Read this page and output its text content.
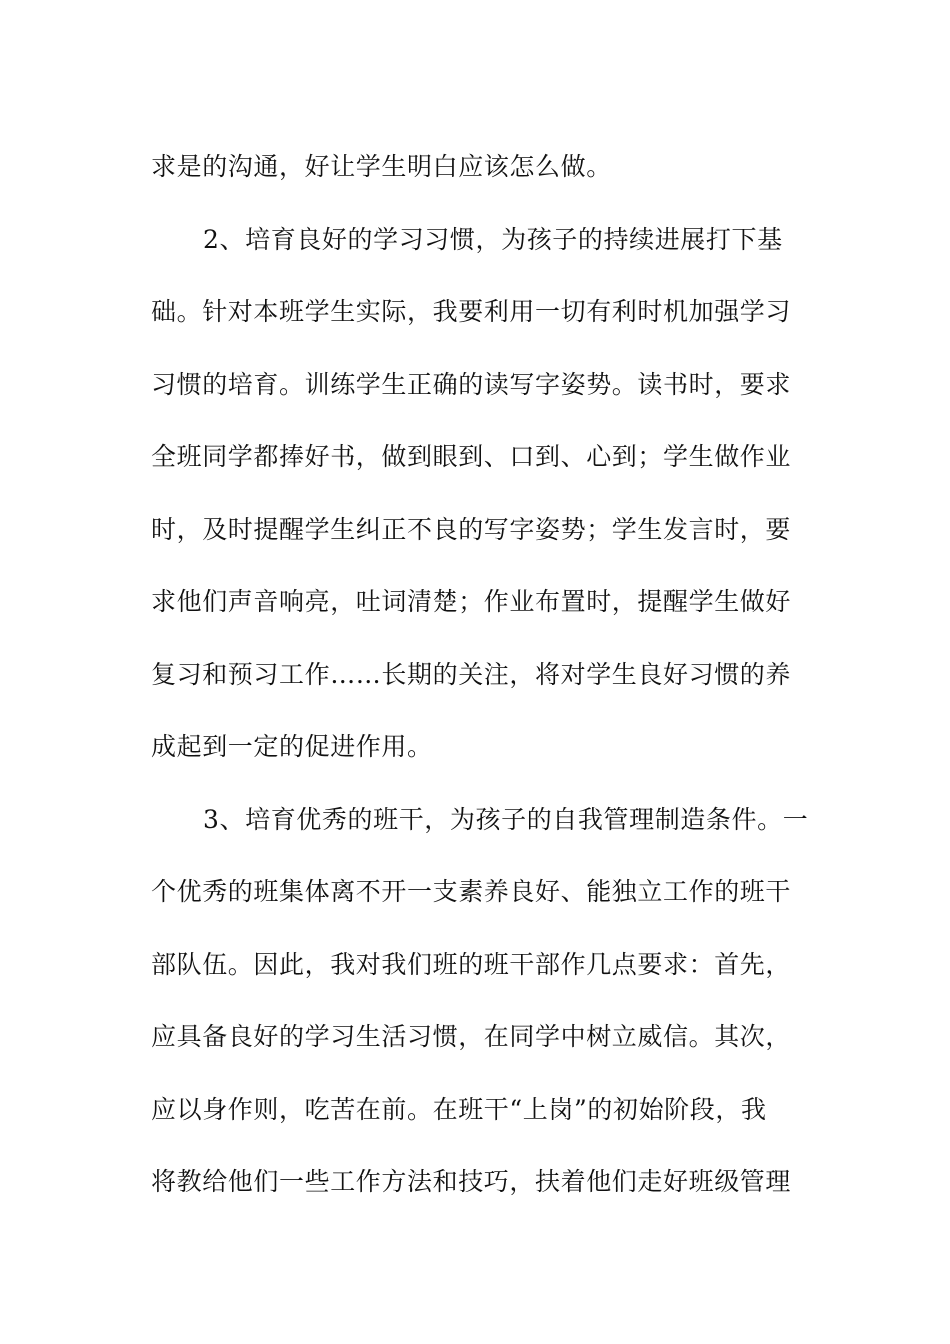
求是的沟通，好让学生明白应该怎么做。
2、培育良好的学习习惯，为孩子的持续进展打下基
础。针对本班学生实际，我要利用一切有利时机加强学习
习惯的培育。训练学生正确的读写字姿势。读书时，要求
全班同学都捧好书，做到眼到、口到、心到；学生做作业
时，及时提醒学生纠正不良的写字姿势；学生发言时，要
求他们声音响亮，吐词清楚；作业布置时，提醒学生做好
复习和预习工作……长期的关注，将对学生良好习惯的养
成起到一定的促进作用。
3、培育优秀的班干，为孩子的自我管理制造条件。一
个优秀的班集体离不开一支素养良好、能独立工作的班干
部队伍。因此，我对我们班的班干部作几点要求：首先，
应具备良好的学习生活习惯，在同学中树立威信。其次，
应以身作则，吃苦在前。在班干“上岗”的初始阶段，我
将教给他们一些工作方法和技巧，扶着他们走好班级管理
